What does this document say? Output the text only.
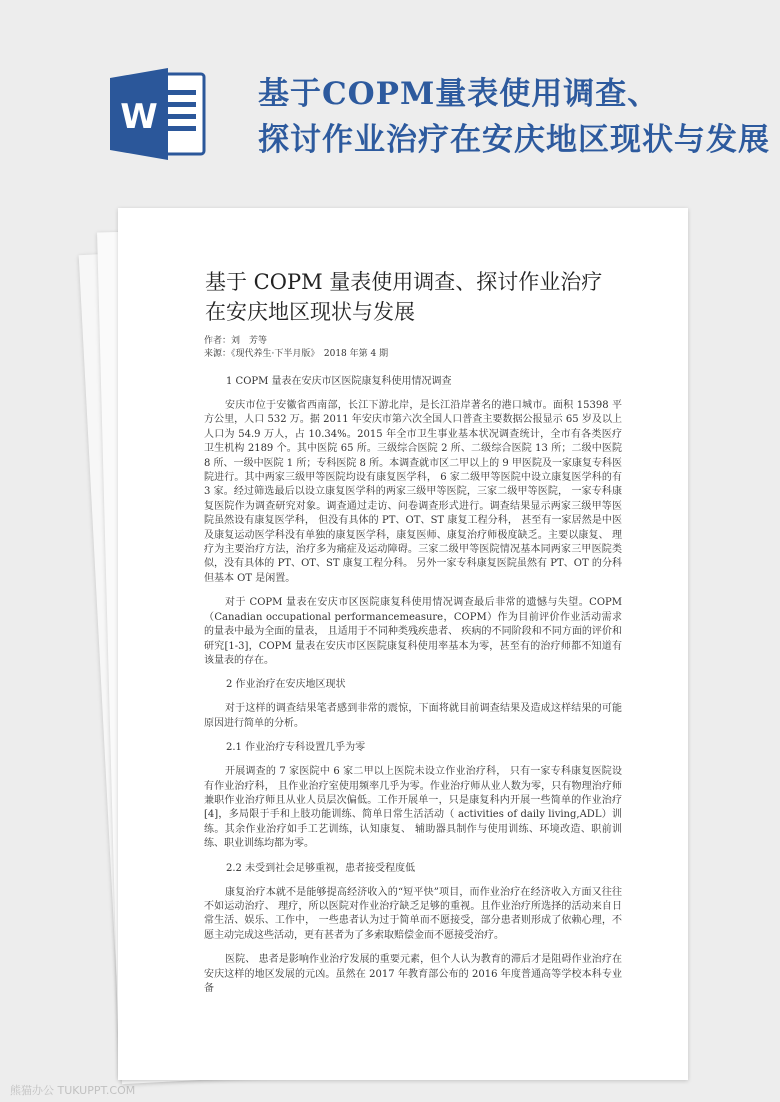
W
基于COPM量表使用调查、
探讨作业治疗在安庆地区现状与发展
基于 COPM 量表使用调查、探讨作业治疗
在安庆地区现状与发展
作者：刘　芳等
来源：《现代养生·下半月版》　2018 年第 4 期
1 COPM 量表在安庆市区医院康复科使用情况调查
安庆市位于安徽省西南部，长江下游北岸，是长江沿岸著名的港口城市。面积 15398 平方公里，人口 532 万。据 2011 年安庆市第六次全国人口普查主要数据公报显示 65 岁及以上人口为 54.9 万人，占 10.34%。2015 年全市卫生事业基本状况调查统计，全市有各类医疗卫生机构 2189 个。其中医院 65 所。三级综合医院 2 所、二级综合医院 13 所；二级中医院 8 所、一级中医院 1 所；专科医院 8 所。本调查就市区二甲以上的 9 甲医院及一家康复专科医院进行。其中两家三级甲等医院均设有康复医学科， 6 家二级甲等医院中设立康复医学科的有 3 家。经过筛选最后以设立康复医学科的两家三级甲等医院，三家二级甲等医院， 一家专科康复医院作为调查研究对象。调查通过走访、问卷调查形式进行。调查结果显示两家三级甲等医院虽然设有康复医学科， 但没有具体的 PT、OT、ST 康复工程分科， 甚至有一家居然是中医及康复运动医学科没有单独的康复医学科，康复医师、康复治疗师极度缺乏。主要以康复、 理疗为主要治疗方法，治疗多为痛症及运动障碍。三家二级甲等医院情况基本同两家三甲医院类似，没有具体的 PT、OT、ST 康复工程分科。 另外一家专科康复医院虽然有 PT、OT 的分科但基本 OT 是闲置。
对于 COPM 量表在安庆市区医院康复科使用情况调查最后非常的遗憾与失望。COPM（Canadian occupational performancemeasure，COPM）作为目前评价作业活动需求的量表中最为全面的量表， 且适用于不同种类残疾患者、 疾病的不同阶段和不同方面的评价和研究[1-3]，COPM 量表在安庆市区医院康复科使用率基本为零，甚至有的治疗师都不知道有该量表的存在。
2 作业治疗在安庆地区现状
对于这样的调查结果笔者感到非常的震惊，下面将就目前调查结果及造成这样结果的可能原因进行简单的分析。
2.1 作业治疗专科设置几乎为零
开展调查的 7 家医院中 6 家二甲以上医院未设立作业治疗科， 只有一家专科康复医院设有作业治疗科， 且作业治疗室使用频率几乎为零。作业治疗师从业人数为零，只有物理治疗师兼职作业治疗师且从业人员层次偏低。工作开展单一，只是康复科内开展一些简单的作业治疗[4]，多局限于手和上肢功能训练、简单日常生活活动（ activities of daily living,ADL）训练。其余作业治疗如手工艺训练，认知康复、 辅助器具制作与使用训练、环境改造、职前训练、职业训练均都为零。
2.2 未受到社会足够重视，患者接受程度低
康复治疗本就不是能够提高经济收入的“短平快”项目，而作业治疗在经济收入方面又往往不如运动治疗、 理疗，所以医院对作业治疗缺乏足够的重视。且作业治疗所选择的活动来自日常生活、娱乐、工作中， 一些患者认为过于简单而不愿接受，部分患者则形成了依赖心理，不愿主动完成这些活动，更有甚者为了多索取赔偿金而不愿接受治疗。
医院、 患者是影响作业治疗发展的重要元素，但个人认为教育的滞后才是阻碍作业治疗在安庆这样的地区发展的元凶。虽然在 2017 年教育部公布的 2016 年度普通高等学校本科专业备
熊猫办公 TUKUPPT.COM
